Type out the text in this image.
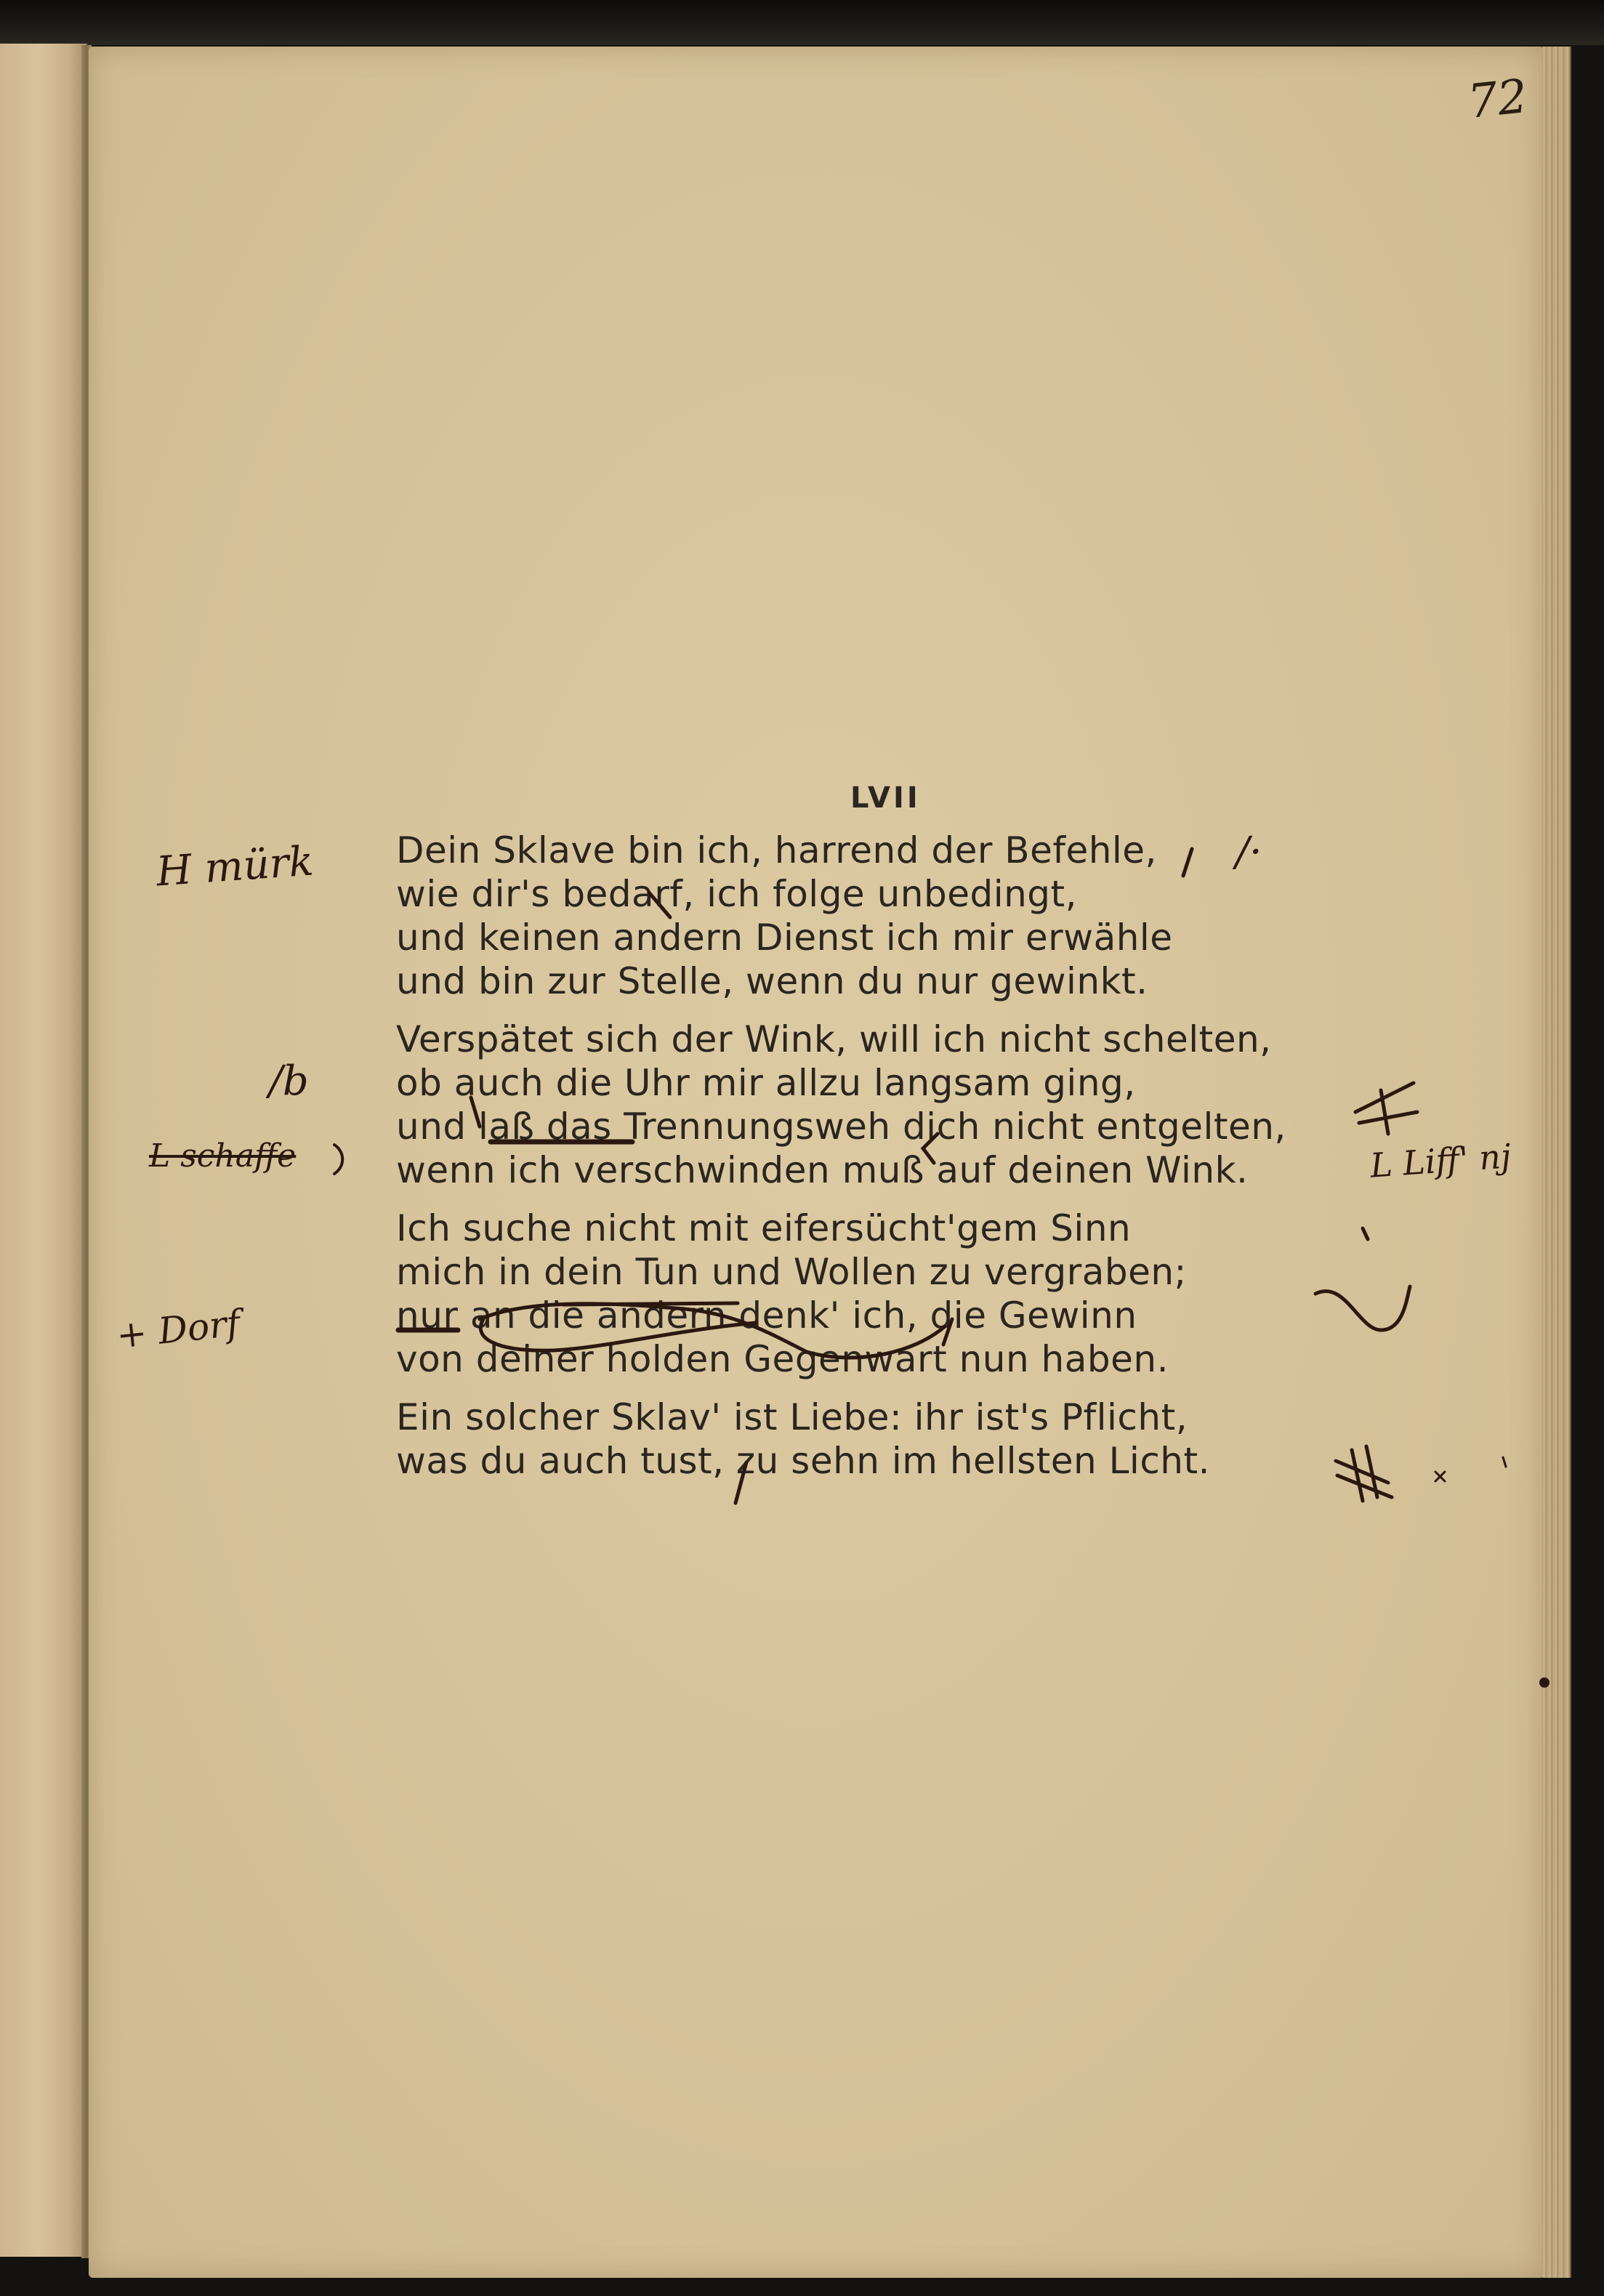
72
LVII
Dein Sklave bin ich, harrend der Befehle,
wie dir's bedarf, ich folge unbedingt,
und keinen andern Dienst ich mir erwähle
und bin zur Stelle, wenn du nur gewinkt.
Verspätet sich der Wink, will ich nicht schelten,
ob auch die Uhr mir allzu langsam ging,
und laß das Trennungsweh dich nicht entgelten,
wenn ich verschwinden muß auf deinen Wink.
Ich suche nicht mit eifersücht'gem Sinn
mich in dein Tun und Wollen zu vergraben;
nur an die andern denk' ich, die Gewinn
von deiner holden Gegenwart nun haben.
Ein solcher Sklav' ist Liebe: ihr ist's Pflicht,
was du auch tust, zu sehn im hellsten Licht.
H mürk
/b
L schaffe
+ Dorf
/·
L Liff' nj
